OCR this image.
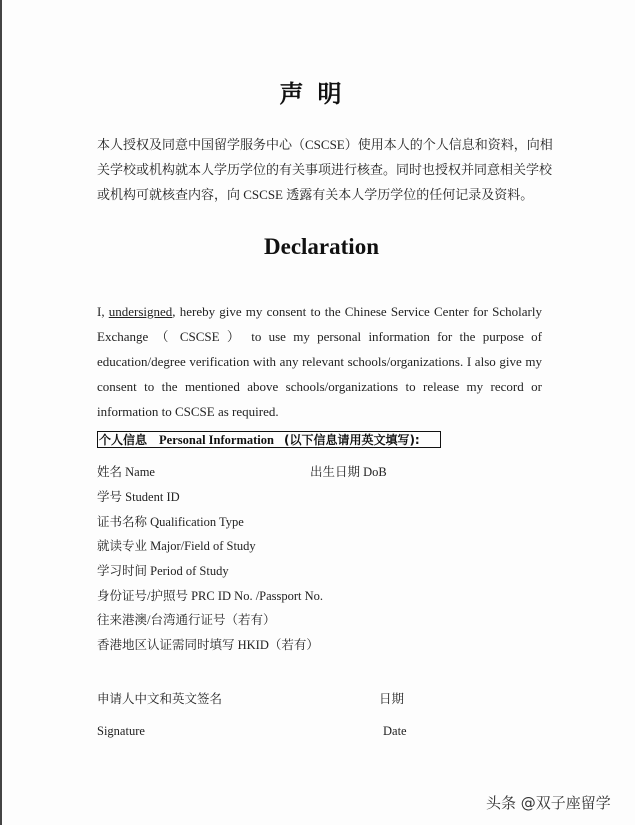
声明
本人授权及同意中国留学服务中心（CSCSE）使用本人的个人信息和资料，向相
关学校或机构就本人学历学位的有关事项进行核查。同时也授权并同意相关学校
或机构可就核查内容，向 CSCSE 透露有关本人学历学位的任何记录及资料。
Declaration
I, undersigned, hereby give my consent to the Chinese Service Center for Scholarly
Exchange （ CSCSE ） to use my personal information for the purpose of
education/degree verification with any relevant schools/organizations. I also give my
consent to the mentioned above schools/organizations to release my record or
information to CSCSE as required.
个人信息 Personal Information (以下信息请用英文填写):
姓名 Name	出生日期 DoB
学号 Student ID
证书名称 Qualification Type
就读专业 Major/Field of Study
学习时间 Period of Study
身份证号/护照号 PRC ID No. /Passport No.
往来港澳/台湾通行证号（若有）
香港地区认证需同时填写 HKID（若有）
申请人中文和英文签名	日期
Signature	Date
头条 @双子座留学
